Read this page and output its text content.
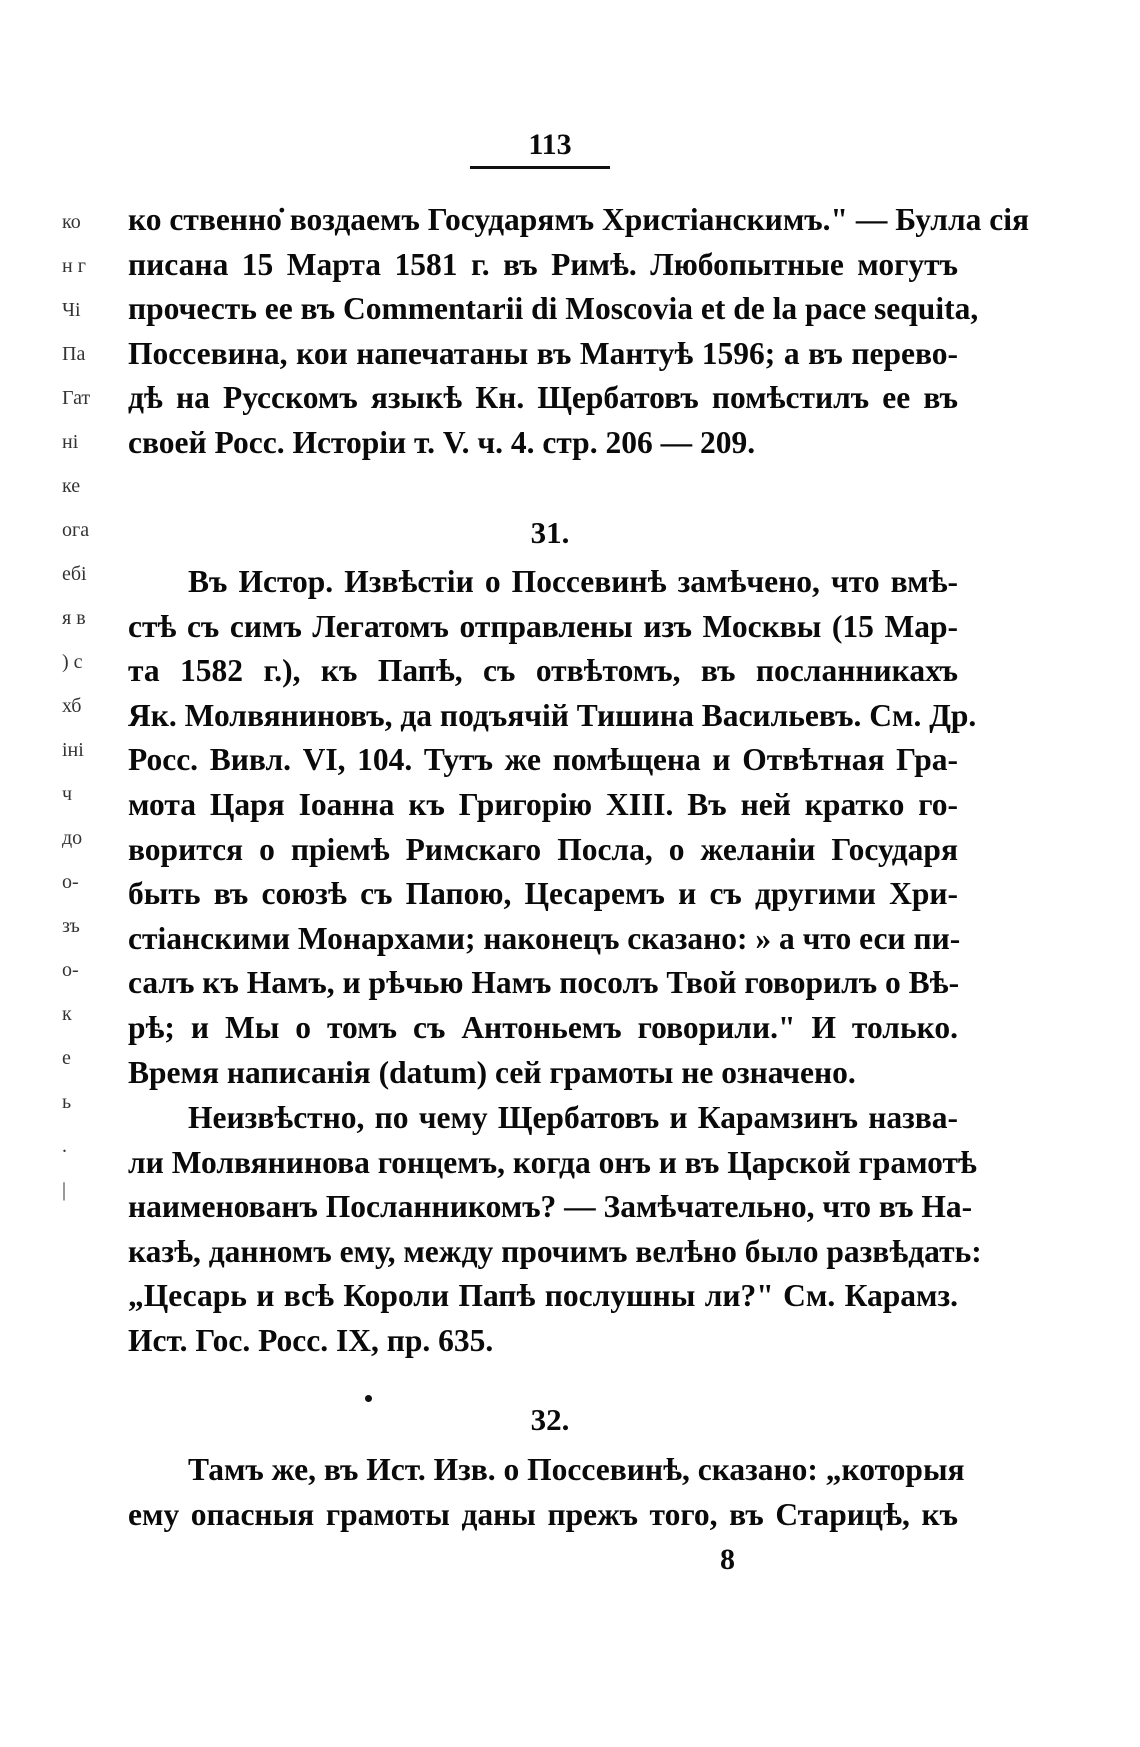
113
ко
н г
Чі
Па
Гат
ні
ке
ога
ебі
я в
) с
хб
іні
ч
до
о-
зъ
о-
к
е
ь
.
|
ко ственно̇ воздаемъ Государямъ Христіанскимъ." — Булла сія
писана 15 Марта 1581 г. въ Римѣ. Любопытные могутъ
прочесть ее въ Commentarii di Moscovia et de la pace sequita,
Поссевина, кои напечатаны въ Мантуѣ 1596; а въ перево-
дѣ на Русскомъ языкѣ Кн. Щербатовъ помѣстилъ ее въ
своей Росс. Исторіи т. V. ч. 4. стр. 206 — 209.
31.
Въ Истор. Извѣстіи о Поссевинѣ замѣчено, что вмѣ-
стѣ съ симъ Легатомъ отправлены изъ Москвы (15 Мар-
та 1582 г.), къ Папѣ, съ отвѣтомъ, въ посланникахъ
Як. Молвяниновъ, да подъячій Тишина Васильевъ. См. Др.
Росс. Вивл. VI, 104. Тутъ же помѣщена и Отвѣтная Гра-
мота Царя Іоанна къ Григорію XIII. Въ ней кратко го-
ворится о пріемѣ Римскаго Посла, о желаніи Государя
быть въ союзѣ съ Папою, Цесаремъ и съ другими Хри-
стіанскими Монархами; наконецъ сказано: » а что еси пи-
салъ къ Намъ, и рѣчью Намъ посолъ Твой говорилъ о Вѣ-
рѣ; и Мы о томъ съ Антоньемъ говорили." И только.
Время написанія (datum) сей грамоты не означено.
Неизвѣстно, по чему Щербатовъ и Карамзинъ назва-
ли Молвянинова гонцемъ, когда онъ и въ Царской грамотѣ
наименованъ Посланникомъ? — Замѣчательно, что въ На-
казѣ, данномъ ему, между прочимъ велѣно было развѣдать:
„Цесарь и всѣ Короли Папѣ послушны ли?" См. Карамз.
Ист. Гос. Росс. IX, пр. 635.
32.
Тамъ же, въ Ист. Изв. о Поссевинѣ, сказано: „которыя
ему опасныя грамоты даны прежъ того, въ Старицѣ, къ
8
